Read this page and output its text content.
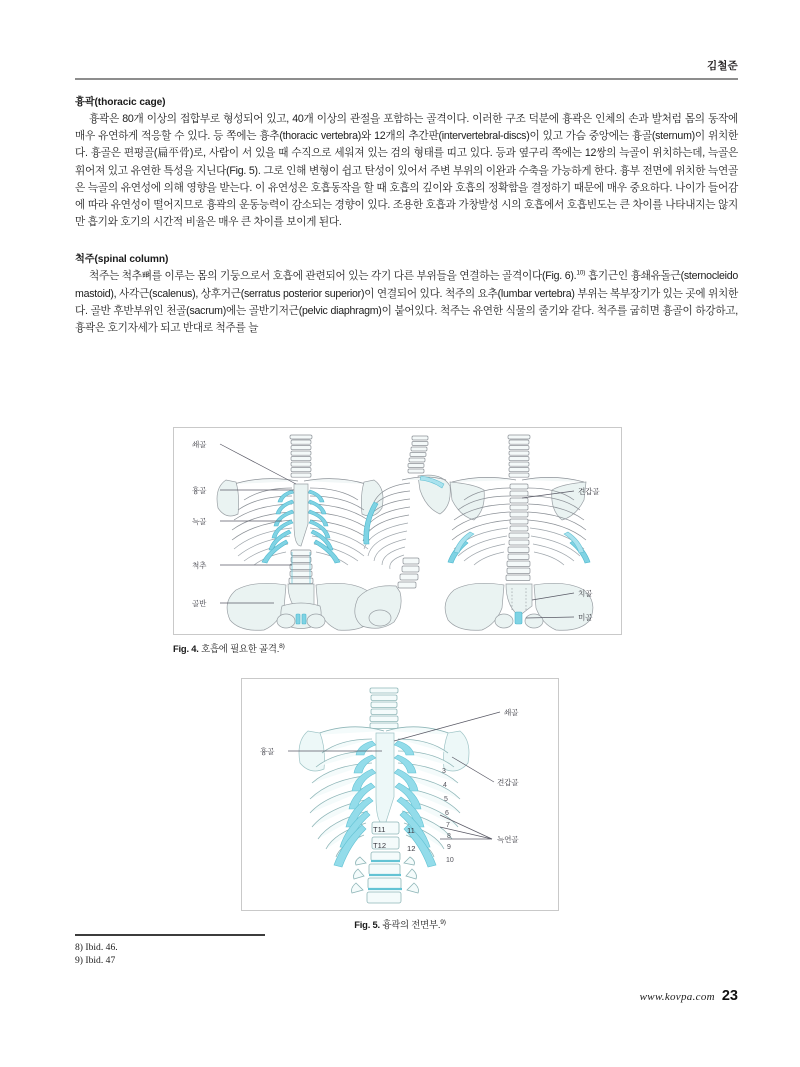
김철준
흉곽(thoracic cage)

흉곽은 80개 이상의 접합부로 형성되어 있고, 40개 이상의 관절을 포함하는 골격이다. 이러한 구조 덕분에 흉곽은 인체의 손과 발처럼 몸의 동작에 매우 유연하게 적응할 수 있다. 등 쪽에는 흉추(thoracic vertebra)와 12개의 추간판(intervertebral-discs)이 있고 가슴 중앙에는 흉골(sternum)이 위치한다. 흉골은 편평골(扁平骨)로, 사람이 서 있을 때 수직으로 세워져 있는 검의 형태를 띠고 있다. 등과 옆구리 쪽에는 12쌍의 늑골이 위치하는데, 늑골은 휘어져 있고 유연한 특성을 지닌다(Fig. 5). 그로 인해 변형이 쉽고 탄성이 있어서 주변 부위의 이완과 수축을 가능하게 한다. 흉부 전면에 위치한 늑연골은 늑골의 유연성에 의해 영향을 받는다. 이 유연성은 호흡동작을 할 때 호흡의 깊이와 호흡의 정확함을 결정하기 때문에 매우 중요하다. 나이가 들어감에 따라 유연성이 떨어지므로 흉곽의 운동능력이 감소되는 경향이 있다. 조용한 호흡과 가창발성 시의 호흡에서 호흡빈도는 큰 차이를 나타내지는 않지만 흡기와 호기의 시간적 비율은 매우 큰 차이를 보이게 된다.

척주(spinal column)

척주는 척추뼈를 이루는 몸의 기둥으로서 호흡에 관련되어 있는 각기 다른 부위들을 연결하는 골격이다(Fig. 6).$^{10)}$ 흡기근인 흉쇄유돌근(sternocleidomastoid), 사각근(scalenus), 상후거근(serratus posterior superior)이 연결되어 있다. 척주의 요추(lumbar vertebra) 부위는 복부장기가 있는 곳에 위치한다. 골반 후반부위인 천골(sacrum)에는 골반기저근(pelvic diaphragm)이 붙어있다. 척주는 유연한 식물의 줄기와 같다. 척주를 굽히면 흉골이 하강하고, 흉곽은 호기자세가 되고 반대로 척주를 늘

쇄골
흉골
늑골
척추
골반
견갑골
치골
미골
Fig. 4. 호흡에 필요한 골격.$^{8)}$
3
4
5
6
7
8
9
10
T11
T12
11
12
쇄골
흉골
견갑골
늑연골
Fig. 5. 흉곽의 전면부.$^{9)}$
8) Ibid. 46.
9) Ibid. 47
www.kovpa.com 23
